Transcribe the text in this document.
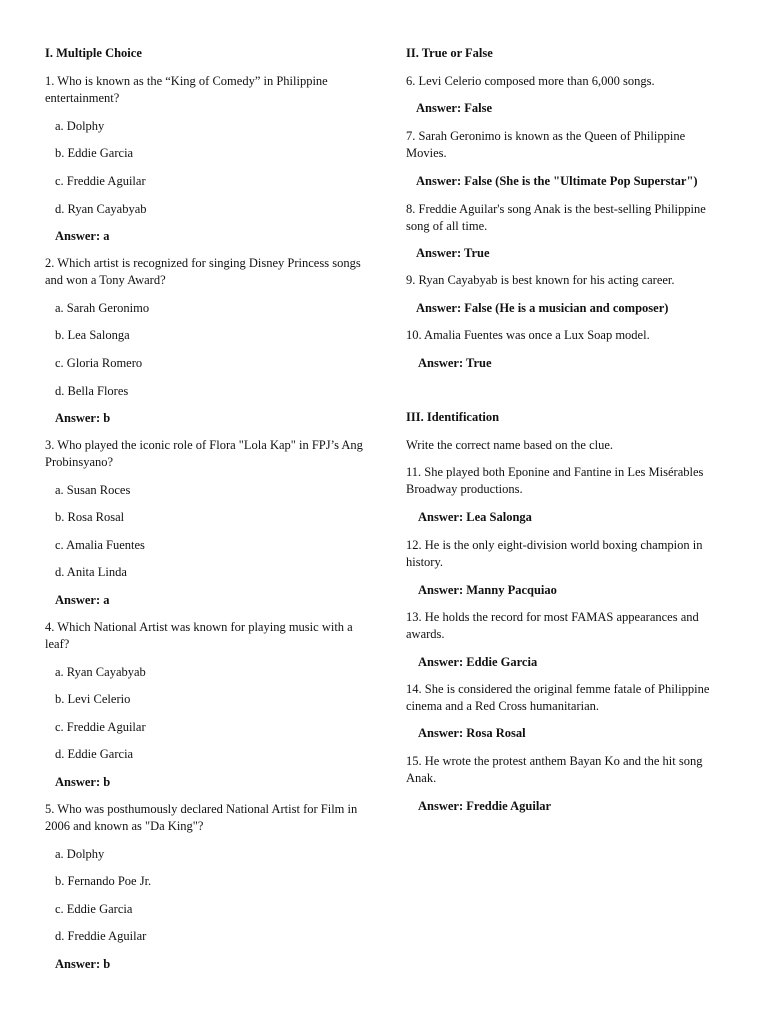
I. Multiple Choice
1. Who is known as the “King of Comedy” in Philippine entertainment?
a. Dolphy
b. Eddie Garcia
c. Freddie Aguilar
d. Ryan Cayabyab
Answer: a
2. Which artist is recognized for singing Disney Princess songs and won a Tony Award?
a. Sarah Geronimo
b. Lea Salonga
c. Gloria Romero
d. Bella Flores
Answer: b
3. Who played the iconic role of Flora "Lola Kap" in FPJ’s Ang Probinsyano?
a. Susan Roces
b. Rosa Rosal
c. Amalia Fuentes
d. Anita Linda
Answer: a
4. Which National Artist was known for playing music with a leaf?
a. Ryan Cayabyab
b. Levi Celerio
c. Freddie Aguilar
d. Eddie Garcia
Answer: b
5. Who was posthumously declared National Artist for Film in 2006 and known as "Da King"?
a. Dolphy
b. Fernando Poe Jr.
c. Eddie Garcia
d. Freddie Aguilar
Answer: b
II. True or False
6. Levi Celerio composed more than 6,000 songs.
Answer: False
7. Sarah Geronimo is known as the Queen of Philippine Movies.
Answer: False (She is the "Ultimate Pop Superstar")
8. Freddie Aguilar's song Anak is the best-selling Philippine song of all time.
Answer: True
9. Ryan Cayabyab is best known for his acting career.
Answer: False (He is a musician and composer)
10. Amalia Fuentes was once a Lux Soap model.
Answer: True
III. Identification
Write the correct name based on the clue.
11. She played both Eponine and Fantine in Les Misérables Broadway productions.
Answer: Lea Salonga
12. He is the only eight-division world boxing champion in history.
Answer: Manny Pacquiao
13. He holds the record for most FAMAS appearances and awards.
Answer: Eddie Garcia
14. She is considered the original femme fatale of Philippine cinema and a Red Cross humanitarian.
Answer: Rosa Rosal
15. He wrote the protest anthem Bayan Ko and the hit song Anak.
Answer: Freddie Aguilar
